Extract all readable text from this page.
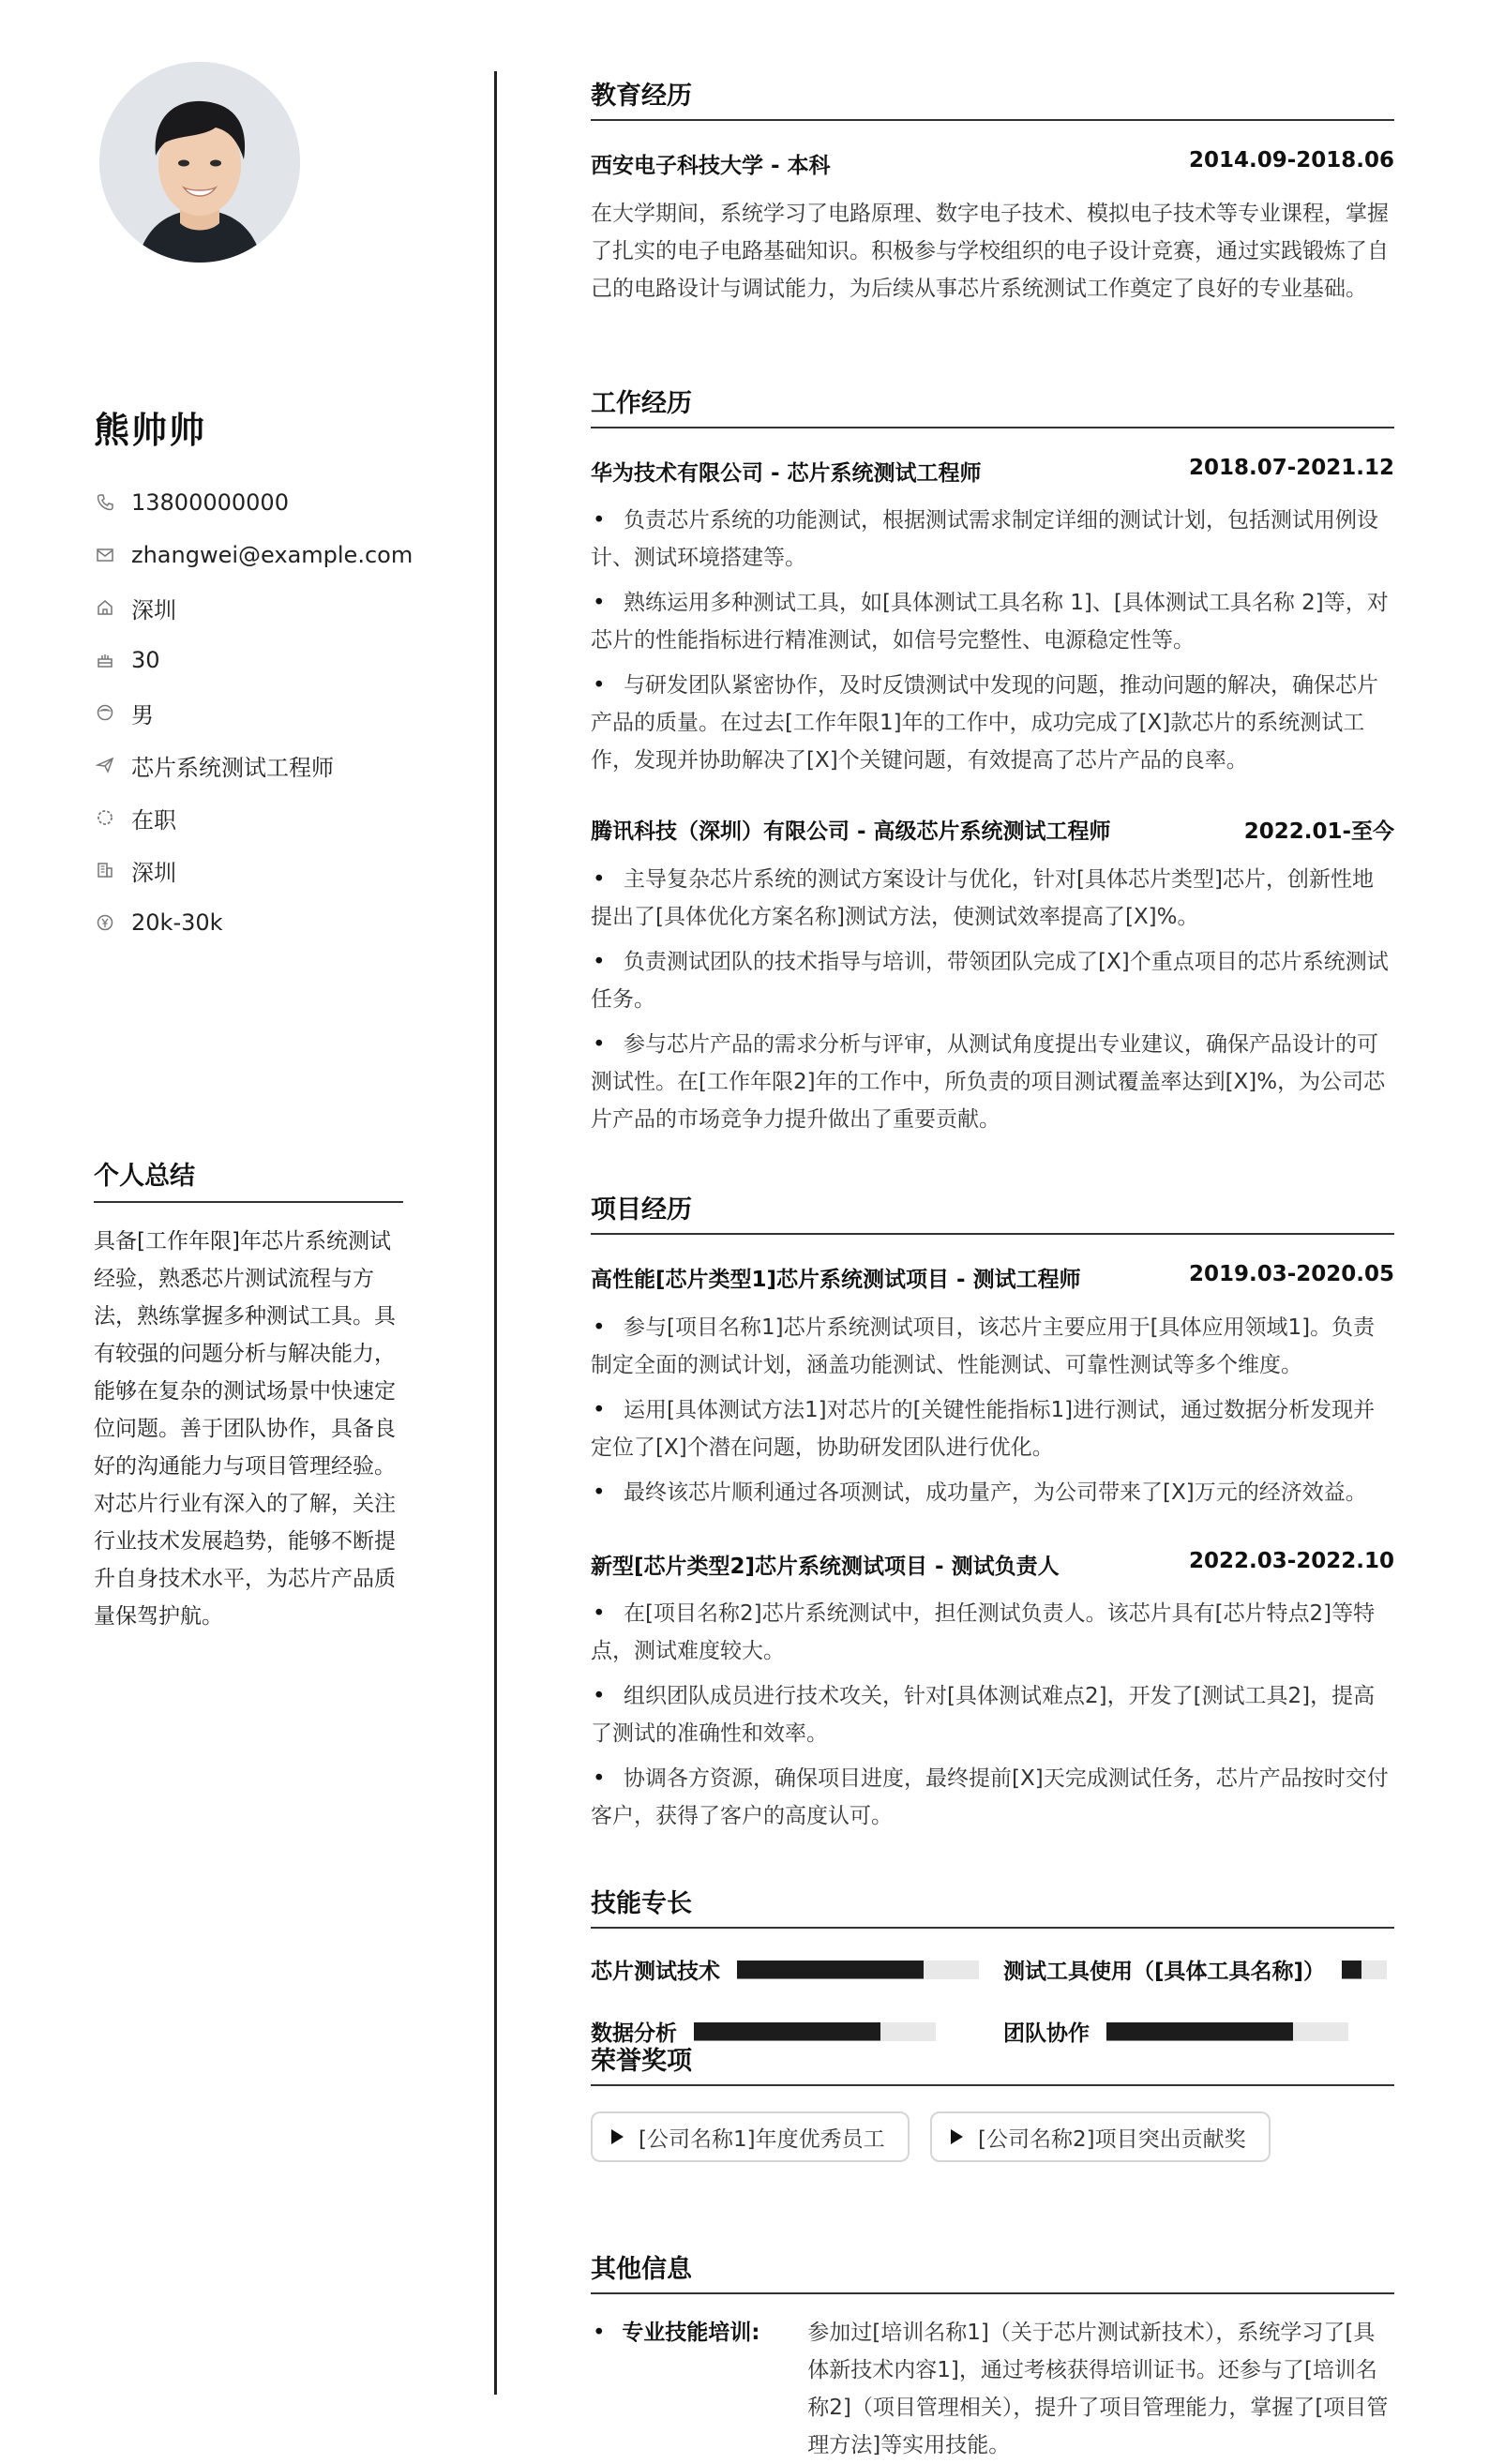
熊帅帅
13800000000
zhangwei@example.com
深圳
30
男
芯片系统测试工程师
在职
深圳
20k-30k
个人总结
具备[工作年限]年芯片系统测试经验，熟悉芯片测试流程与方法，熟练掌握多种测试工具。具有较强的问题分析与解决能力，能够在复杂的测试场景中快速定位问题。善于团队协作，具备良好的沟通能力与项目管理经验。对芯片行业有深入的了解，关注行业技术发展趋势，能够不断提升自身技术水平，为芯片产品质量保驾护航。
教育经历
西安电子科技大学 - 本科	2014.09-2018.06
在大学期间，系统学习了电路原理、数字电子技术、模拟电子技术等专业课程，掌握了扎实的电子电路基础知识。积极参与学校组织的电子设计竞赛，通过实践锻炼了自己的电路设计与调试能力，为后续从事芯片系统测试工作奠定了良好的专业基础。
工作经历
华为技术有限公司 - 芯片系统测试工程师	2018.07-2021.12
• 负责芯片系统的功能测试，根据测试需求制定详细的测试计划，包括测试用例设计、测试环境搭建等。
• 熟练运用多种测试工具，如[具体测试工具名称 1]、[具体测试工具名称 2]等，对芯片的性能指标进行精准测试，如信号完整性、电源稳定性等。
• 与研发团队紧密协作，及时反馈测试中发现的问题，推动问题的解决，确保芯片产品的质量。在过去[工作年限1]年的工作中，成功完成了[X]款芯片的系统测试工作，发现并协助解决了[X]个关键问题，有效提高了芯片产品的良率。
腾讯科技（深圳）有限公司 - 高级芯片系统测试工程师	2022.01-至今
• 主导复杂芯片系统的测试方案设计与优化，针对[具体芯片类型]芯片，创新性地提出了[具体优化方案名称]测试方法，使测试效率提高了[X]%。
• 负责测试团队的技术指导与培训，带领团队完成了[X]个重点项目的芯片系统测试任务。
• 参与芯片产品的需求分析与评审，从测试角度提出专业建议，确保产品设计的可测试性。在[工作年限2]年的工作中，所负责的项目测试覆盖率达到[X]%，为公司芯片产品的市场竞争力提升做出了重要贡献。
项目经历
高性能[芯片类型1]芯片系统测试项目 - 测试工程师	2019.03-2020.05
• 参与[项目名称1]芯片系统测试项目，该芯片主要应用于[具体应用领域1]。负责制定全面的测试计划，涵盖功能测试、性能测试、可靠性测试等多个维度。
• 运用[具体测试方法1]对芯片的[关键性能指标1]进行测试，通过数据分析发现并定位了[X]个潜在问题，协助研发团队进行优化。
• 最终该芯片顺利通过各项测试，成功量产，为公司带来了[X]万元的经济效益。
新型[芯片类型2]芯片系统测试项目 - 测试负责人	2022.03-2022.10
• 在[项目名称2]芯片系统测试中，担任测试负责人。该芯片具有[芯片特点2]等特点，测试难度较大。
• 组织团队成员进行技术攻关，针对[具体测试难点2]，开发了[测试工具2]，提高了测试的准确性和效率。
• 协调各方资源，确保项目进度，最终提前[X]天完成测试任务，芯片产品按时交付客户，获得了客户的高度认可。
技能专长
芯片测试技术	测试工具使用（[具体工具名称]）
数据分析	团队协作
荣誉奖项
[公司名称1]年度优秀员工	[公司名称2]项目突出贡献奖
其他信息
• 专业技能培训:	参加过[培训名称1]（关于芯片测试新技术），系统学习了[具体新技术内容1]，通过考核获得培训证书。还参与了[培训名称2]（项目管理相关），提升了项目管理能力，掌握了[项目管理方法]等实用技能。
